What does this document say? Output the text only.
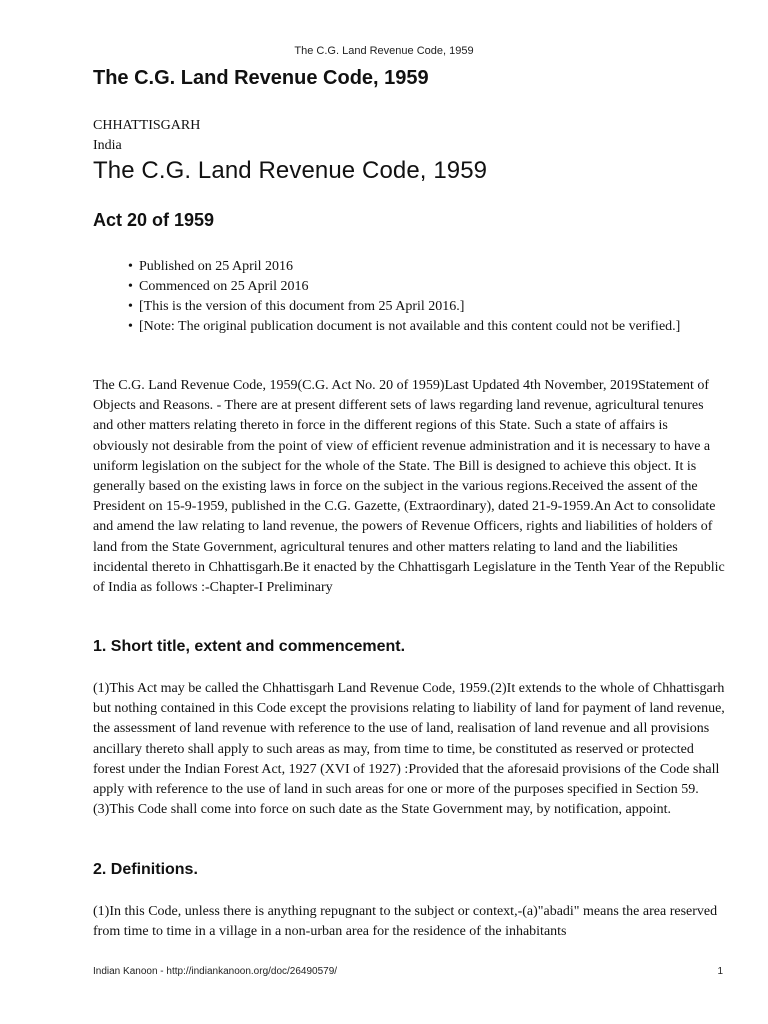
The C.G. Land Revenue Code, 1959
The C.G. Land Revenue Code, 1959
CHHATTISGARH
India
The C.G. Land Revenue Code, 1959
Act 20 of 1959
• Published on 25 April 2016
• Commenced on 25 April 2016
• [This is the version of this document from 25 April 2016.]
• [Note: The original publication document is not available and this content could not be verified.]

The C.G. Land Revenue Code, 1959(C.G. Act No. 20 of 1959)Last Updated 4th November, 2019Statement of Objects and Reasons. - There are at present different sets of laws regarding land revenue, agricultural tenures and other matters relating thereto in force in the different regions of this State. Such a state of affairs is obviously not desirable from the point of view of efficient revenue administration and it is necessary to have a uniform legislation on the subject for the whole of the State. The Bill is designed to achieve this object. It is generally based on the existing laws in force on the subject in the various regions.Received the assent of the President on 15-9-1959, published in the C.G. Gazette, (Extraordinary), dated 21-9-1959.An Act to consolidate and amend the law relating to land revenue, the powers of Revenue Officers, rights and liabilities of holders of land from the State Government, agricultural tenures and other matters relating to land and the liabilities incidental thereto in Chhattisgarh.Be it enacted by the Chhattisgarh Legislature in the Tenth Year of the Republic of India as follows :-Chapter-I Preliminary

1. Short title, extent and commencement.

(1)This Act may be called the Chhattisgarh Land Revenue Code, 1959.(2)It extends to the whole of Chhattisgarh but nothing contained in this Code except the provisions relating to liability of land for payment of land revenue, the assessment of land revenue with reference to the use of land, realisation of land revenue and all provisions ancillary thereto shall apply to such areas as may, from time to time, be constituted as reserved or protected forest under the Indian Forest Act, 1927 (XVI of 1927) :Provided that the aforesaid provisions of the Code shall apply with reference to the use of land in such areas for one or more of the purposes specified in Section 59.(3)This Code shall come into force on such date as the State Government may, by notification, appoint.

2. Definitions.

(1)In this Code, unless there is anything repugnant to the subject or context,-(a)"abadi" means the area reserved from time to time in a village in a non-urban area for the residence of the inhabitants

Indian Kanoon - http://indiankanoon.org/doc/26490579/	1
